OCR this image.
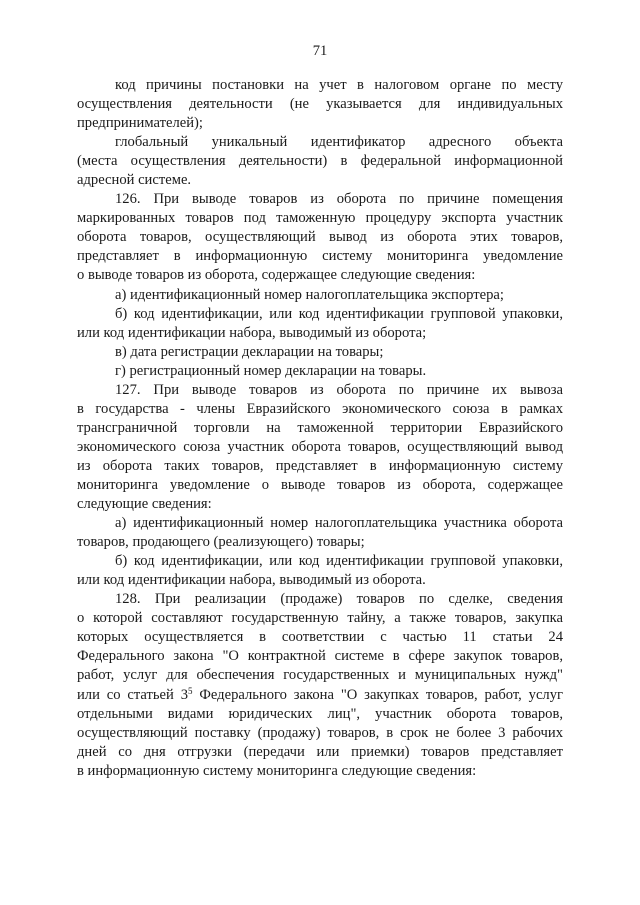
71
код причины постановки на учет в налоговом органе по месту
осуществления деятельности (не указывается для индивидуальных
предпринимателей);
глобальный уникальный идентификатор адресного объекта
(места осуществления деятельности) в федеральной информационной
адресной системе.
126. При выводе товаров из оборота по причине помещения
маркированных товаров под таможенную процедуру экспорта участник
оборота товаров, осуществляющий вывод из оборота этих товаров,
представляет в информационную систему мониторинга уведомление
о выводе товаров из оборота, содержащее следующие сведения:
а) идентификационный номер налогоплательщика экспортера;
б) код идентификации, или код идентификации групповой упаковки,
или код идентификации набора, выводимый из оборота;
в) дата регистрации декларации на товары;
г) регистрационный номер декларации на товары.
127. При выводе товаров из оборота по причине их вывоза
в государства - члены Евразийского экономического союза в рамках
трансграничной торговли на таможенной территории Евразийского
экономического союза участник оборота товаров, осуществляющий вывод
из оборота таких товаров, представляет в информационную систему
мониторинга уведомление о выводе товаров из оборота, содержащее
следующие сведения:
а) идентификационный номер налогоплательщика участника оборота
товаров, продающего (реализующего) товары;
б) код идентификации, или код идентификации групповой упаковки,
или код идентификации набора, выводимый из оборота.
128. При реализации (продаже) товаров по сделке, сведения
о которой составляют государственную тайну, а также товаров, закупка
которых осуществляется в соответствии с частью 11 статьи 24
Федерального закона "О контрактной системе в сфере закупок товаров,
работ, услуг для обеспечения государственных и муниципальных нужд"
или со статьей $3^5$ Федерального закона "О закупках товаров, работ, услуг
отдельными видами юридических лиц", участник оборота товаров,
осуществляющий поставку (продажу) товаров, в срок не более 3 рабочих
дней со дня отгрузки (передачи или приемки) товаров представляет
в информационную систему мониторинга следующие сведения:
